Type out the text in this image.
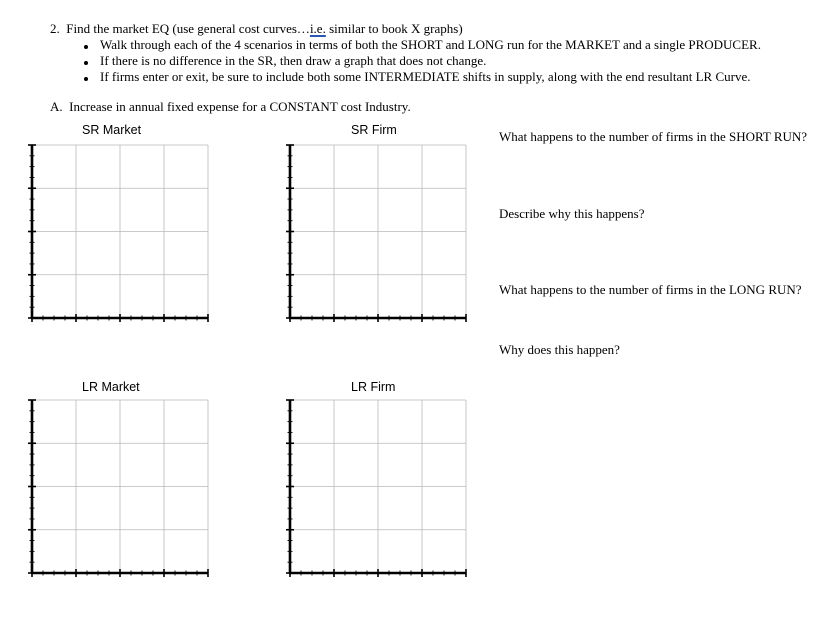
2. Find the market EQ (use general cost curves…i.e. similar to book X graphs)
Walk through each of the 4 scenarios in terms of both the SHORT and LONG run for the MARKET and a single PRODUCER.
If there is no difference in the SR, then draw a graph that does not change.
If firms enter or exit, be sure to include both some INTERMEDIATE shifts in supply, along with the end resultant LR Curve.
A. Increase in annual fixed expense for a CONSTANT cost Industry.
SR Market	SR Firm
LR Market	LR Firm
What happens to the number of firms in the SHORT RUN?
Describe why this happens?
What happens to the number of firms in the LONG RUN?
Why does this happen?
